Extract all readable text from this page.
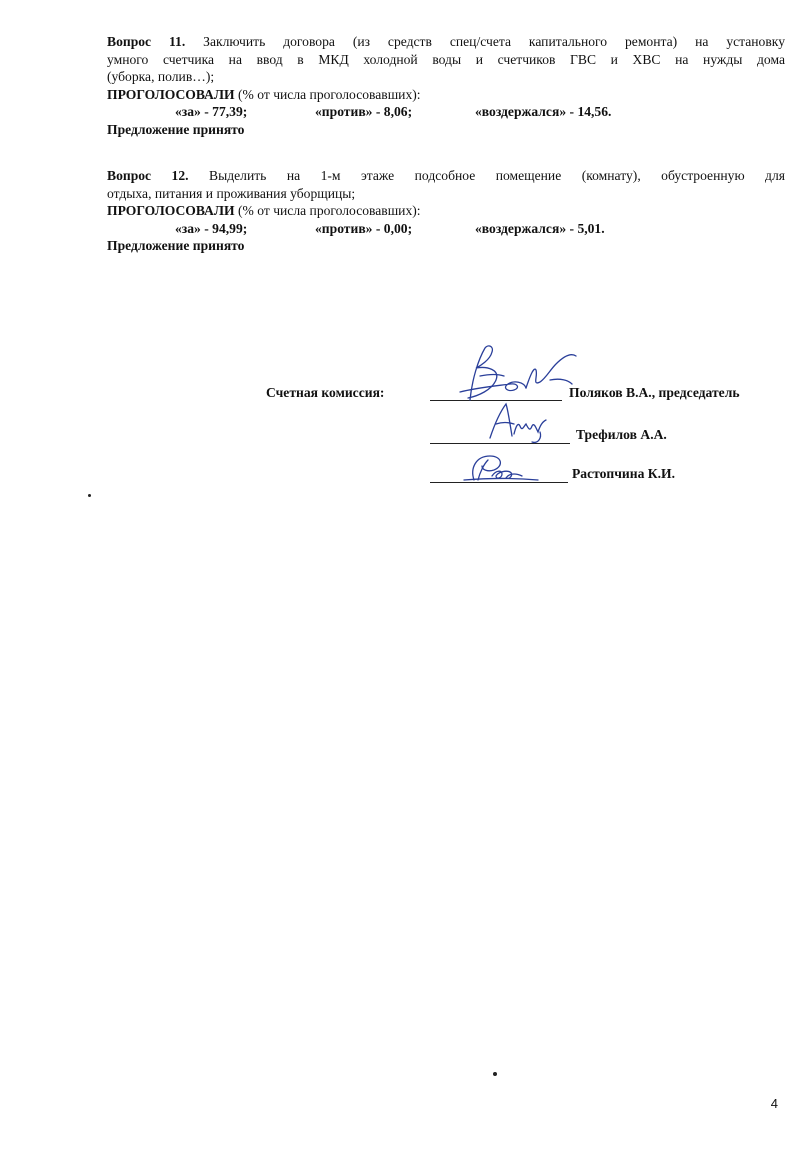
Вопрос 11. Заключить договора (из средств спец/счета капитального ремонта) на установку

умного счетчика на ввод в МКД холодной воды и счетчиков ГВС и ХВС на нужды дома

(уборка, полив…);

ПРОГОЛОСОВАЛИ (% от числа проголосовавших):

«за» - 77,39;	«против» - 8,06;	«воздержался» - 14,56.

Предложение принято

Вопрос 12. Выделить на 1-м этаже подсобное помещение (комнату), обустроенную для

отдыха, питания и проживания уборщицы;

ПРОГОЛОСОВАЛИ (% от числа проголосовавших):

«за» - 94,99;	«против» - 0,00;	«воздержался» - 5,01.

Предложение принято

Счетная комиссия:	Поляков В.А., председатель
Трефилов А.А.
Растопчина К.И.
4
